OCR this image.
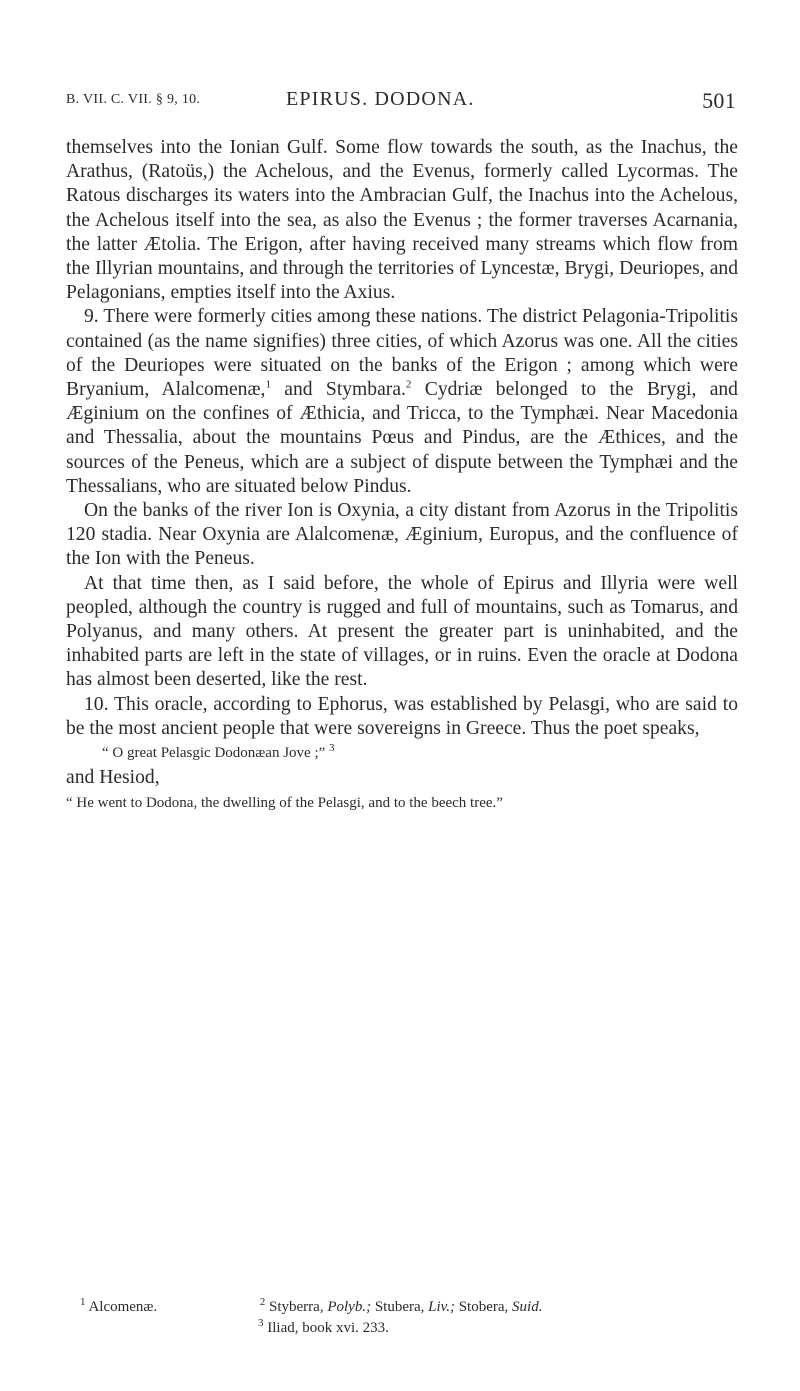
B. VII. C. VII. § 9, 10.	EPIRUS. DODONA.	501

themselves into the Ionian Gulf. Some flow towards the south, as the Inachus, the Arathus, (Ratoüs,) the Achelous, and the Evenus, formerly called Lycormas. The Ratous discharges its waters into the Ambracian Gulf, the Inachus into the Achelous, the Achelous itself into the sea, as also the Evenus ; the former traverses Acarnania, the latter Ætolia. The Erigon, after having received many streams which flow from the Illyrian mountains, and through the territories of Lyncestæ, Brygi, Deuriopes, and Pelagonians, empties itself into the Axius.

9. There were formerly cities among these nations. The district Pelagonia-Tripolitis contained (as the name signifies) three cities, of which Azorus was one. All the cities of the Deuriopes were situated on the banks of the Erigon ; among which were Bryanium, Alalcomenæ,$^1$ and Stymbara.$^2$ Cydriæ belonged to the Brygi, and Æginium on the confines of Æthicia, and Tricca, to the Tymphæi. Near Macedonia and Thessalia, about the mountains Pœus and Pindus, are the Æthices, and the sources of the Peneus, which are a subject of dispute between the Tymphæi and the Thessalians, who are situated below Pindus.

On the banks of the river Ion is Oxynia, a city distant from Azorus in the Tripolitis 120 stadia. Near Oxynia are Alalcomenæ, Æginium, Europus, and the confluence of the Ion with the Peneus.

At that time then, as I said before, the whole of Epirus and Illyria were well peopled, although the country is rugged and full of mountains, such as Tomarus, and Polyanus, and many others. At present the greater part is uninhabited, and the inhabited parts are left in the state of villages, or in ruins. Even the oracle at Dodona has almost been deserted, like the rest.

10. This oracle, according to Ephorus, was established by Pelasgi, who are said to be the most ancient people that were sovereigns in Greece. Thus the poet speaks,

“ O great Pelasgic Dodonæan Jove ;” $^3$

and Hesiod,

“ He went to Dodona, the dwelling of the Pelasgi, and to the beech tree.”
$^1$ Alcomenæ.	$^2$ Styberra, Polyb.; Stubera, Liv.; Stobera, Suid.
$^3$ Iliad, book xvi. 233.
